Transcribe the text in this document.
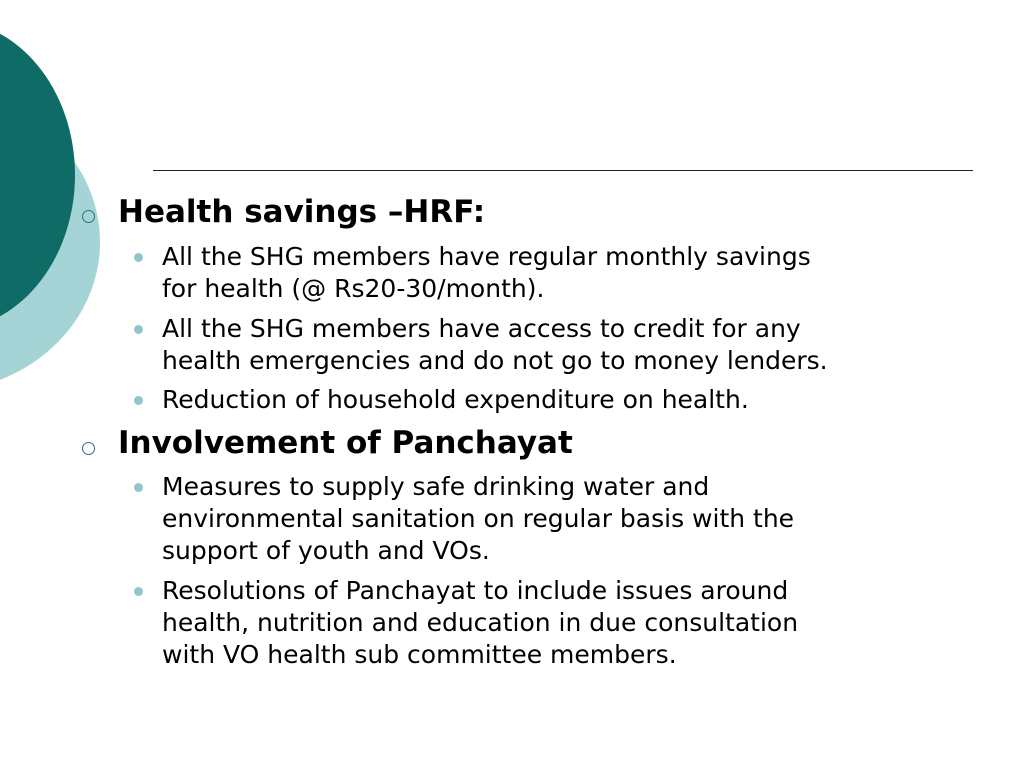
Health savings –HRF:
All the SHG members have regular monthly savings
for health (@ Rs20-30/month).
All the SHG members have access to credit for any
health emergencies and do not go to money lenders.
Reduction of household expenditure on health.
Involvement of Panchayat
Measures to supply safe drinking water and
environmental sanitation on regular basis with the
support of youth and VOs.
Resolutions of Panchayat to include issues around
health, nutrition and education in due consultation
with VO health sub committee members.
